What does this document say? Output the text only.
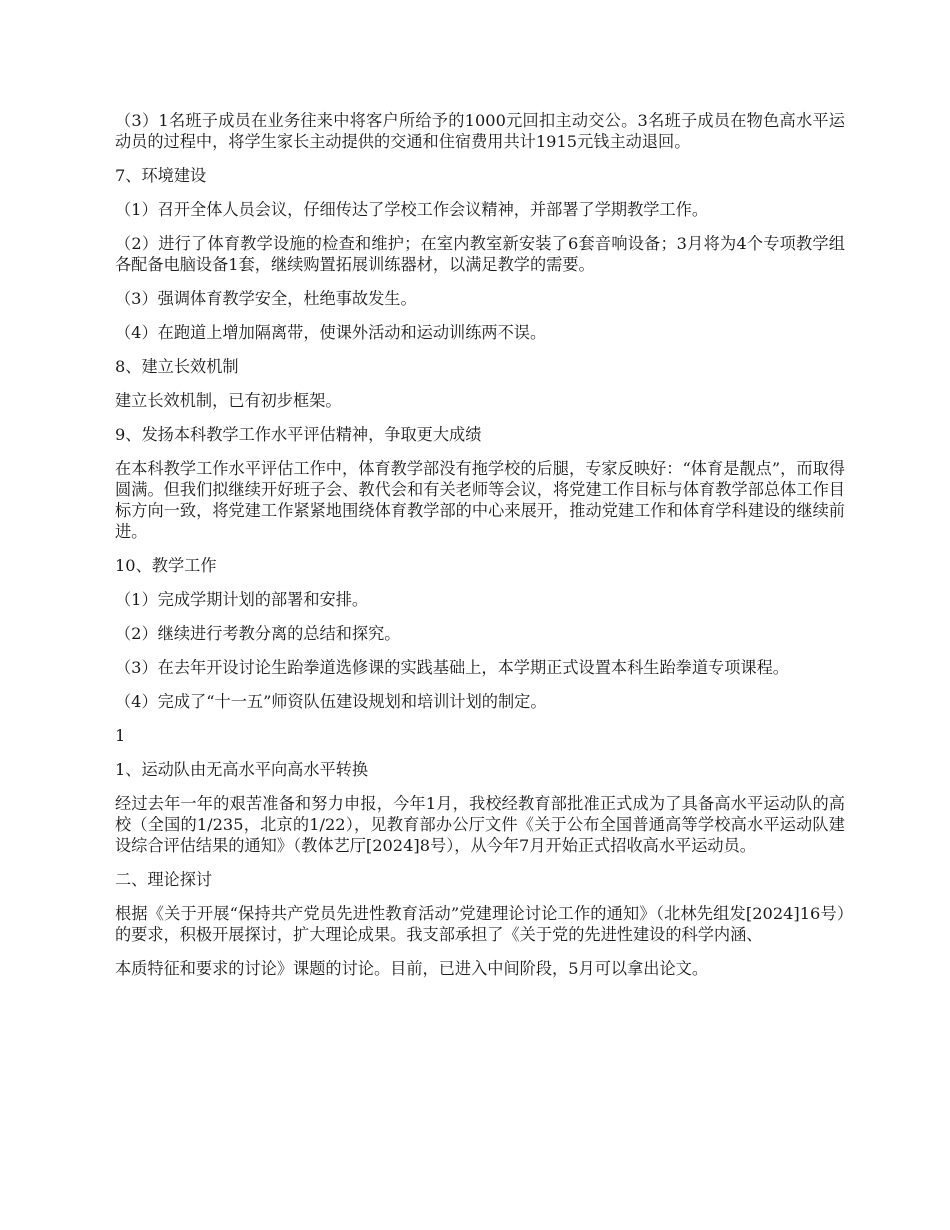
（3）1名班子成员在业务往来中将客户所给予的1000元回扣主动交公。3名班子成员在物色高水平运动员的过程中，将学生家长主动提供的交通和住宿费用共计1915元钱主动退回。

7、环境建设

（1）召开全体人员会议，仔细传达了学校工作会议精神，并部署了学期教学工作。

（2）进行了体育教学设施的检查和维护；在室内教室新安装了6套音响设备；3月将为4个专项教学组各配备电脑设备1套，继续购置拓展训练器材，以满足教学的需要。

（3）强调体育教学安全，杜绝事故发生。

（4）在跑道上增加隔离带，使课外活动和运动训练两不误。

8、建立长效机制

建立长效机制，已有初步框架。

9、发扬本科教学工作水平评估精神，争取更大成绩

在本科教学工作水平评估工作中，体育教学部没有拖学校的后腿，专家反映好：“体育是靓点”，而取得圆满。但我们拟继续开好班子会、教代会和有关老师等会议，将党建工作目标与体育教学部总体工作目标方向一致，将党建工作紧紧地围绕体育教学部的中心来展开，推动党建工作和体育学科建设的继续前进。

10、教学工作

（1）完成学期计划的部署和安排。

（2）继续进行考教分离的总结和探究。

（3）在去年开设讨论生跆拳道选修课的实践基础上，本学期正式设置本科生跆拳道专项课程。

（4）完成了“十一五”师资队伍建设规划和培训计划的制定。

1

1、运动队由无高水平向高水平转换

经过去年一年的艰苦准备和努力申报，今年1月，我校经教育部批准正式成为了具备高水平运动队的高校（全国的1/235，北京的1/22），见教育部办公厅文件《关于公布全国普通高等学校高水平运动队建设综合评估结果的通知》（教体艺厅[2024]8号），从今年7月开始正式招收高水平运动员。

二、理论探讨

根据《关于开展“保持共产党员先进性教育活动”党建理论讨论工作的通知》（北林先组发[2024]16号）的要求，积极开展探讨，扩大理论成果。我支部承担了《关于党的先进性建设的科学内涵、

本质特征和要求的讨论》课题的讨论。目前，已进入中间阶段，5月可以拿出论文。
